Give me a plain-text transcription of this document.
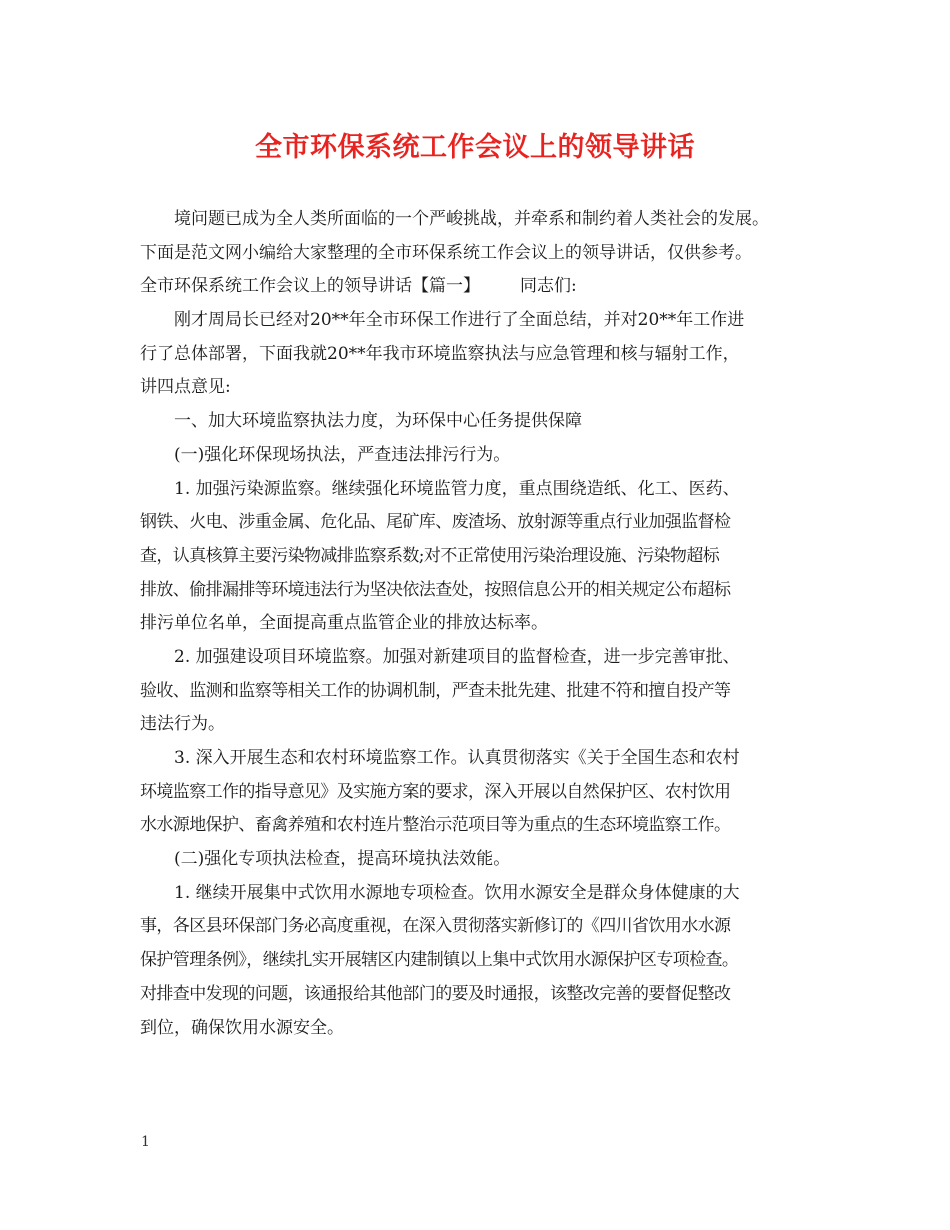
全市环保系统工作会议上的领导讲话

境问题已成为全人类所面临的一个严峻挑战，并牵系和制约着人类社会的发展。

下面是范文网小编给大家整理的全市环保系统工作会议上的领导讲话，仅供参考。

全市环保系统工作会议上的领导讲话【篇一】 同志们:

刚才周局长已经对20**年全市环保工作进行了全面总结，并对20**年工作进

行了总体部署，下面我就20**年我市环境监察执法与应急管理和核与辐射工作，

讲四点意见:

一、加大环境监察执法力度，为环保中心任务提供保障

(一)强化环保现场执法，严查违法排污行为。

1. 加强污染源监察。继续强化环境监管力度，重点围绕造纸、化工、医药、

钢铁、火电、涉重金属、危化品、尾矿库、废渣场、放射源等重点行业加强监督检

查，认真核算主要污染物减排监察系数;对不正常使用污染治理设施、污染物超标

排放、偷排漏排等环境违法行为坚决依法查处，按照信息公开的相关规定公布超标

排污单位名单，全面提高重点监管企业的排放达标率。

2. 加强建设项目环境监察。加强对新建项目的监督检查，进一步完善审批、

验收、监测和监察等相关工作的协调机制，严查未批先建、批建不符和擅自投产等

违法行为。

3. 深入开展生态和农村环境监察工作。认真贯彻落实《关于全国生态和农村

环境监察工作的指导意见》及实施方案的要求，深入开展以自然保护区、农村饮用

水水源地保护、畜禽养殖和农村连片整治示范项目等为重点的生态环境监察工作。

(二)强化专项执法检查，提高环境执法效能。

1. 继续开展集中式饮用水源地专项检查。饮用水源安全是群众身体健康的大

事，各区县环保部门务必高度重视，在深入贯彻落实新修订的《四川省饮用水水源

保护管理条例》，继续扎实开展辖区内建制镇以上集中式饮用水源保护区专项检查。

对排查中发现的问题，该通报给其他部门的要及时通报，该整改完善的要督促整改

到位，确保饮用水源安全。

1
